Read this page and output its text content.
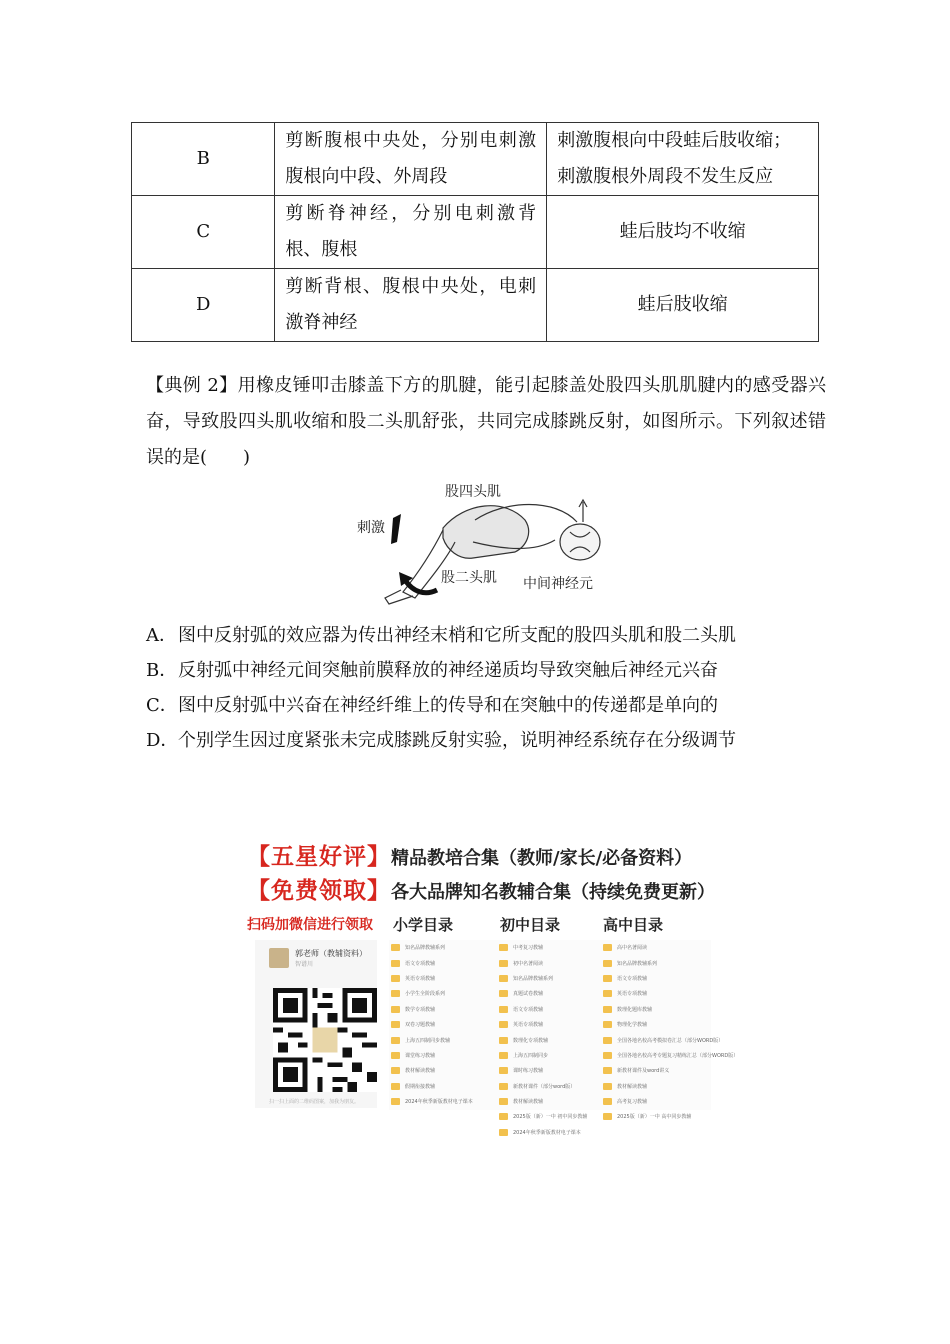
B	剪断腹根中央处，分别电刺激腹根向中段、外周段	刺激腹根向中段蛙后肢收缩；刺激腹根外周段不发生反应
C	剪断脊神经，分别电刺激背根、腹根	蛙后肢均不收缩
D	剪断背根、腹根中央处，电刺激脊神经	蛙后肢收缩
【典例 2】用橡皮锤叩击膝盖下方的肌腱，能引起膝盖处股四头肌肌腱内的感受器兴奋，导致股四头肌收缩和股二头肌舒张，共同完成膝跳反射，如图所示。下列叙述错误的是(　　)
股四头肌
刺激
股二头肌 中间神经元
A．图中反射弧的效应器为传出神经末梢和它所支配的股四头肌和股二头肌
B．反射弧中神经元间突触前膜释放的神经递质均导致突触后神经元兴奋
C．图中反射弧中兴奋在神经纤维上的传导和在突触中的传递都是单向的
D．个别学生因过度紧张未完成膝跳反射实验，说明神经系统存在分级调节
【五星好评】精品教培合集（教师/家长/必备资料）
【免费领取】各大品牌知名教辅合集（持续免费更新）
扫码加微信进行领取 小学目录	初中目录	高中目录
郭老师（教辅资料）
智谱川
扫一扫上面的二维码图案，加我为朋友。
知名品牌教辅系列
语文专项教辅
英语专项教辅
小学生全阶段系列
数学专项教辅
双卷习题教辅
上海五四制同步教辅
课堂练习教辅
教材解读教辅
假期衔接教辅
2024年秋季新版教材电子课本
中考复习教辅
初中名著阅读
知名品牌教辅系列
真题试卷教辅
语文专项教辅
英语专项教辅
数理化专项教辅
上海五四制同步
课时练习教辅
新教材课件（部分word版）
教材解读教辅
2025版（新）一中 初中同步教辅
2024年秋季新版教材电子课本
高中名著阅读
知名品牌教辅系列
语文专项教辅
英语专项教辅
数理化题库教辅
物理化学教辅
全国各地名校高考模拟卷汇总（部分WORD版）
全国各地名校高考专题复习精练汇总（部分WORD版）
新教材课件及word讲义
教材解读教辅
高考复习教辅
2025版（新）一中 高中同步教辅
